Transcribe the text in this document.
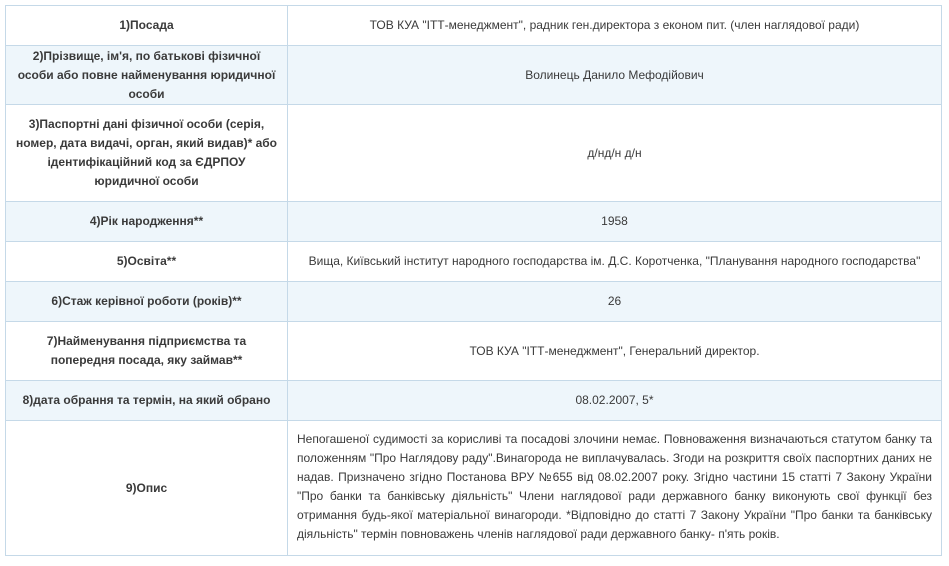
1)Посада	ТОВ КУА "ІТТ-менеджмент", радник ген.директора з економ пит. (член наглядової ради)
2)Прізвище, ім'я, по батькові фізичної особи або повне найменування юридичної особи	Волинець Данило Мефодійович
3)Паспортні дані фізичної особи (серія, номер, дата видачі, орган, який видав)* або ідентифікаційний код за ЄДРПОУ юридичної особи	д/нд/н д/н
4)Рік народження**	1958
5)Освіта**	Вища, Київський інститут народного господарства ім. Д.С. Коротченка, "Планування народного господарства"
6)Стаж керівної роботи (років)**	26
7)Найменування підприємства та попередня посада, яку займав**	ТОВ КУА "ІТТ-менеджмент", Генеральний директор.
8)дата обрання та термін, на який обрано	08.02.2007, 5*
9)Опис	Непогашеної судимості за корисливі та посадові злочини немає. Повноваження визначаються статутом банку та положенням "Про Наглядову раду".Винагорода не виплачувалась. Згоди на розкриття своїх паспортних даних не надав. Призначено згідно Постанова ВРУ №655 від 08.02.2007 року. Згідно частини 15 статті 7 Закону України "Про банки та банківську діяльність" Члени наглядової ради державного банку виконують свої функції без отримання будь-якої матеріальної винагороди. *Відповідно до статті 7 Закону України "Про банки та банківську діяльність" термін повноважень членів наглядової ради державного банку- п'ять років.
